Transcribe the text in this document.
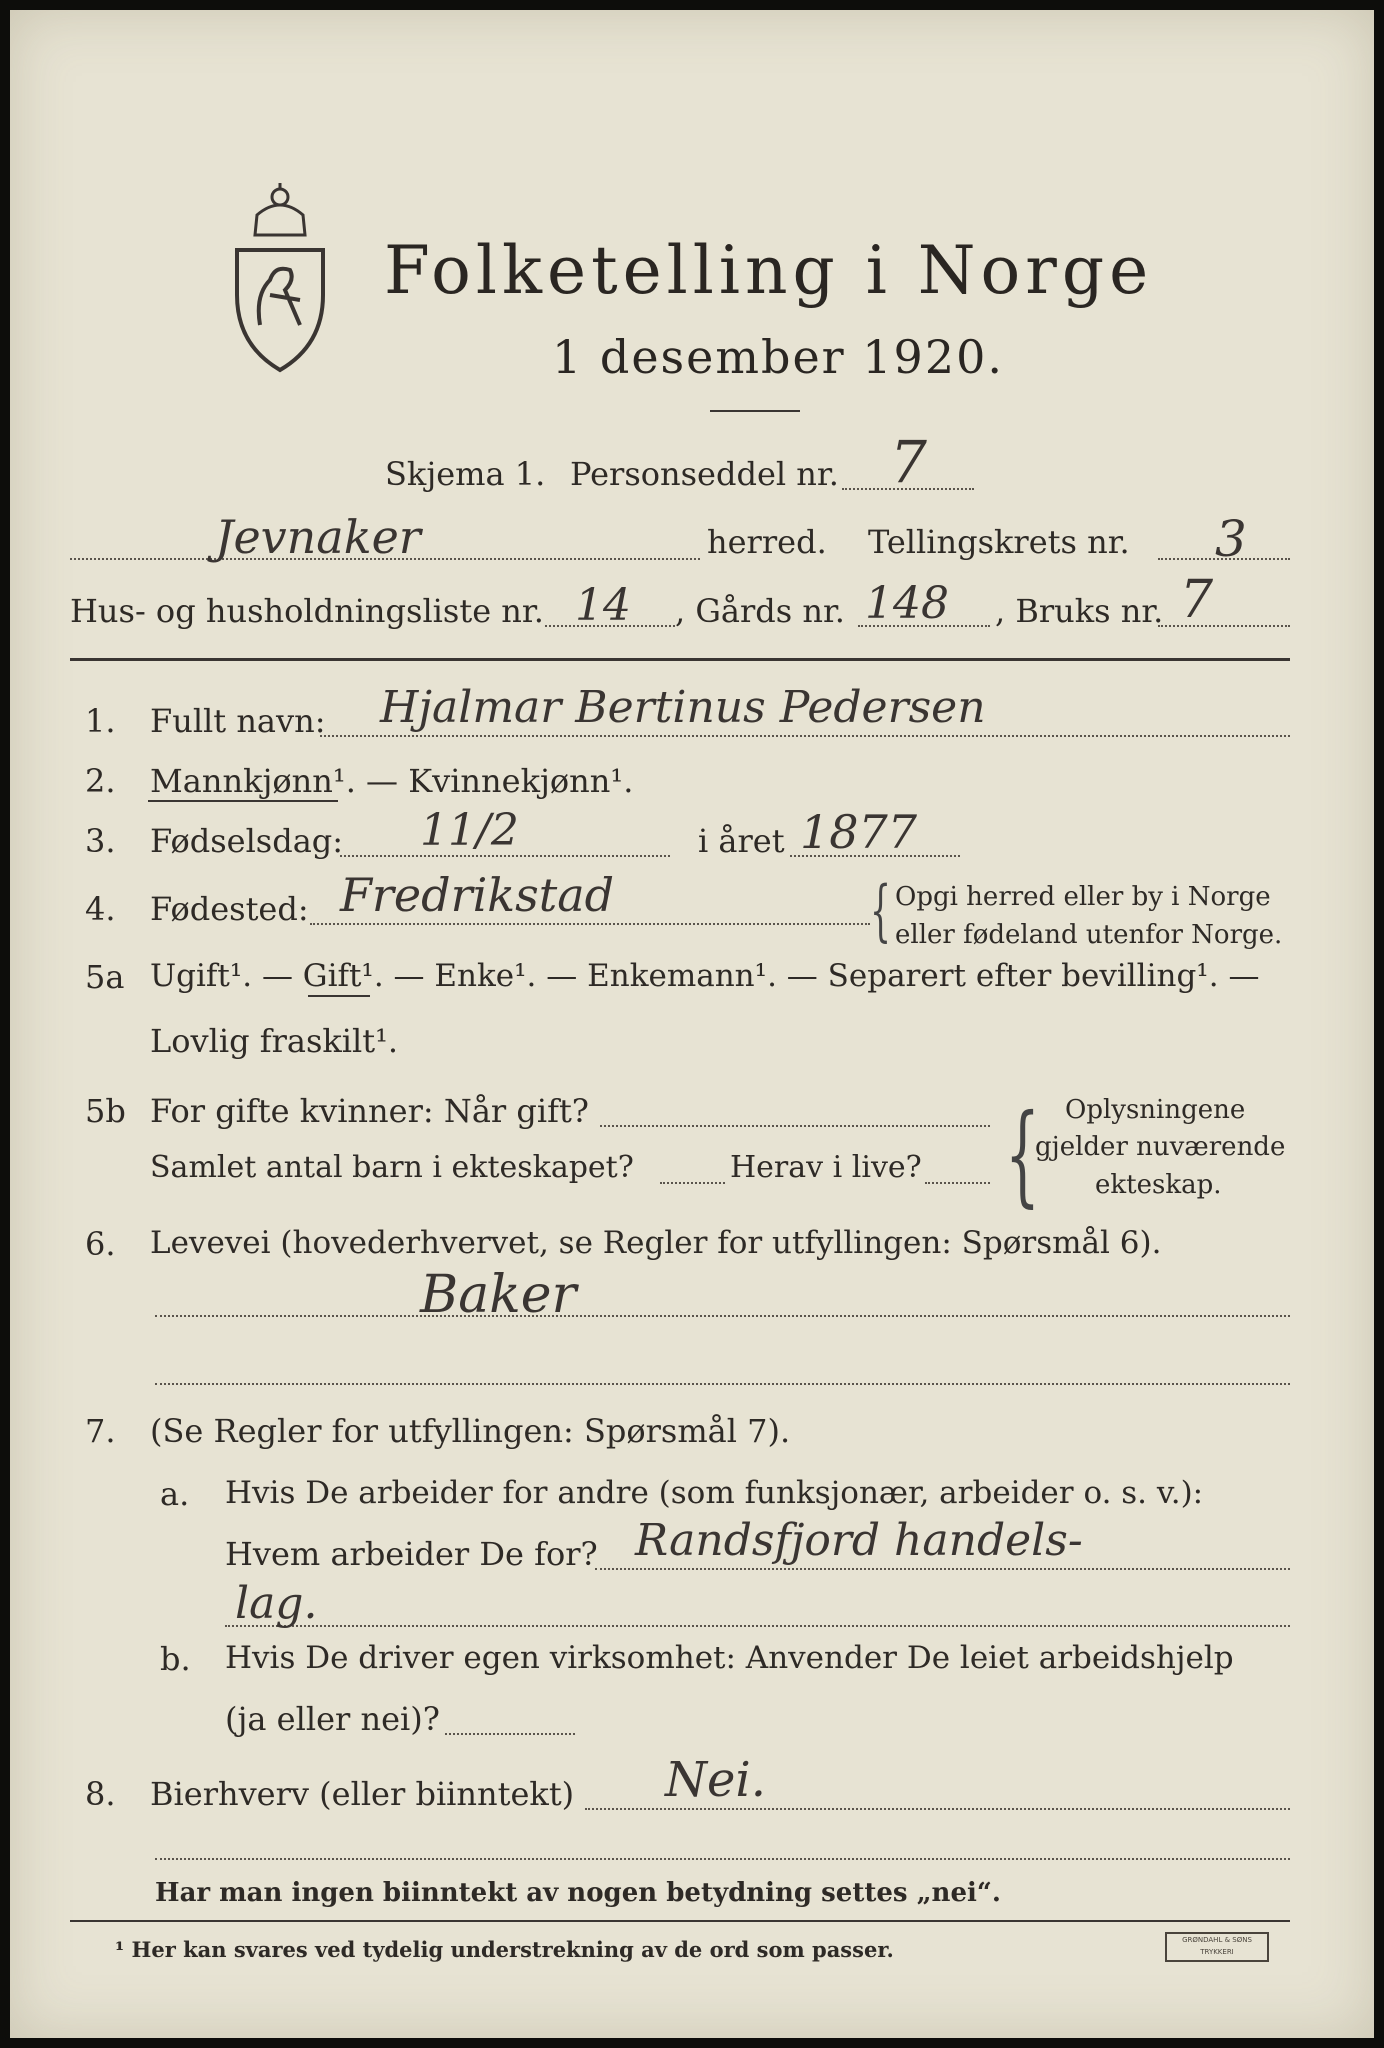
Folketelling i Norge
1 desember 1920.
Skjema 1. Personseddel nr. 7
Jevnaker	herred. Tellingskrets nr. 3
Hus- og husholdningsliste nr. 14 , Gårds nr. 148 , Bruks nr. 7
1. Fullt navn: Hjalmar Bertinus Pedersen
2. Mannkjønn¹. — Kvinnekjønn¹.
3. Fødselsdag: 11/2	i året 1877
4. Fødested: Fredrikstad	{ Opgi herred eller by i Norge
eller fødeland utenfor Norge.
5a Ugift¹. — Gift¹. — Enke¹. — Enkemann¹. — Separert efter bevilling¹. —
Lovlig fraskilt¹.
5b For gifte kvinner: Når gift?
Samlet antal barn i ekteskapet?	Herav i live? { Oplysningene
gjelder nuværende
ekteskap.
6. Levevei (hovederhvervet, se Regler for utfyllingen: Spørsmål 6).
Baker
7. (Se Regler for utfyllingen: Spørsmål 7).
a. Hvis De arbeider for andre (som funksjonær, arbeider o. s. v.):
Hvem arbeider De for? Randsfjord handels-
lag.
b. Hvis De driver egen virksomhet: Anvender De leiet arbeidshjelp
(ja eller nei)?
8. Bierhverv (eller biinntekt) Nei.
Har man ingen biinntekt av nogen betydning settes „nei“.
¹ Her kan svares ved tydelig understrekning av de ord som passer.	GRØNDAHL & SØNS TRYKKERI
